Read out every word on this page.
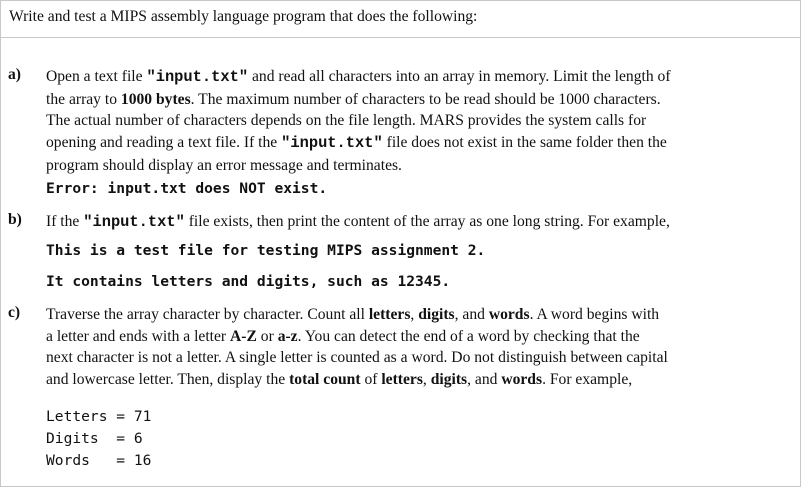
Write and test a MIPS assembly language program that does the following:
a) Open a text file "input.txt" and read all characters into an array in memory. Limit the length of
the array to 1000 bytes. The maximum number of characters to be read should be 1000 characters.
The actual number of characters depends on the file length. MARS provides the system calls for
opening and reading a text file. If the "input.txt" file does not exist in the same folder then the
program should display an error message and terminates.
Error: input.txt does NOT exist.
b) If the "input.txt" file exists, then print the content of the array as one long string. For example,
This is a test file for testing MIPS assignment 2.
It contains letters and digits, such as 12345.
c) Traverse the array character by character. Count all letters, digits, and words. A word begins with
a letter and ends with a letter A-Z or a-z. You can detect the end of a word by checking that the
next character is not a letter. A single letter is counted as a word. Do not distinguish between capital
and lowercase letter. Then, display the total count of letters, digits, and words. For example,
Letters = 71
Digits  = 6
Words   = 16
